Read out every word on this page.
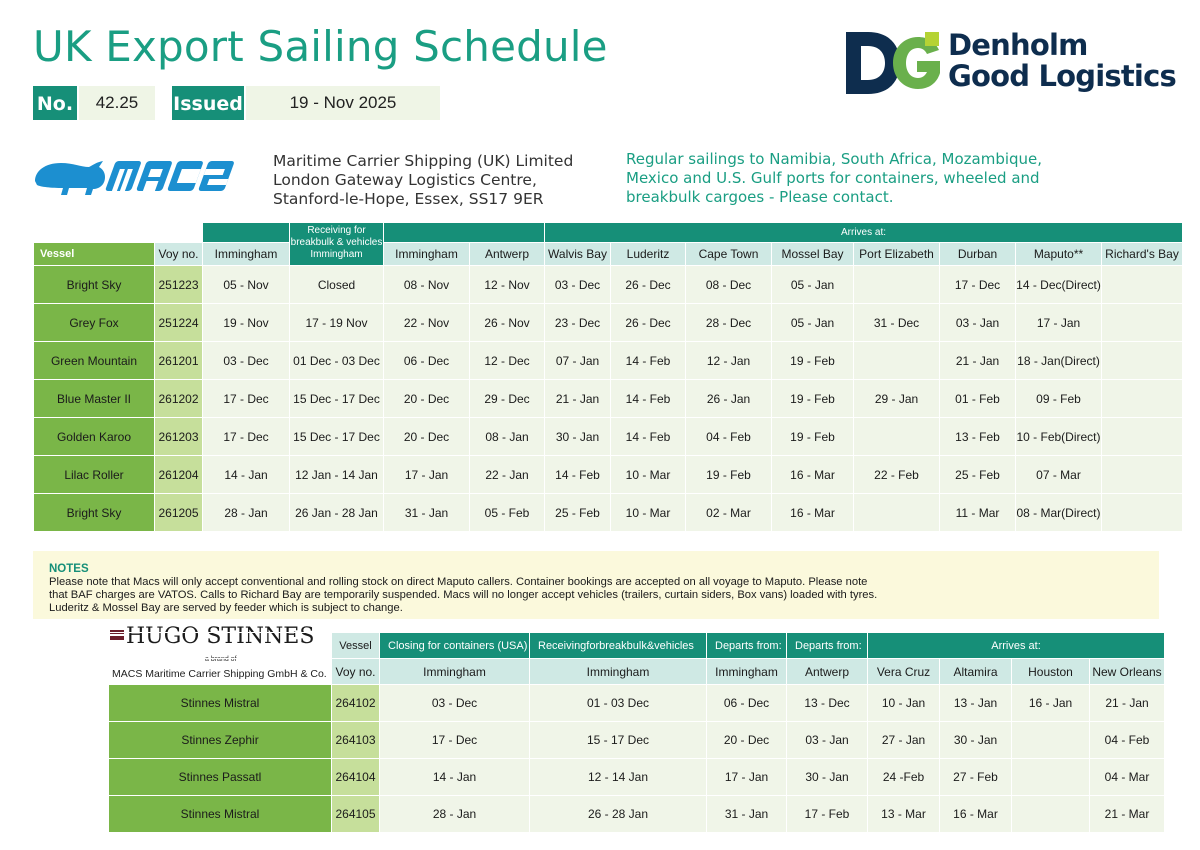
UK Export Sailing Schedule
No.	42.25	Issued	19 - Nov 2025
Denholm
Good Logistics
Maritime Carrier Shipping (UK) Limited
London Gateway Logistics Centre,
Stanford-le-Hope, Essex, SS17 9ER
Regular sailings to Namibia, South Africa, Mozambique, Mexico and U.S. Gulf ports for containers, wheeled and breakbulk cargoes - Please contact.
			Receiving for breakbulk & vehicles Immingham			Arrives at:							
Vessel	Voy no.	Immingham		Immingham	Antwerp	Walvis Bay	Luderitz	Cape Town	Mossel Bay	Port Elizabeth	Durban	Maputo**	Richard's Bay
Bright Sky	251223	05 - Nov	Closed	08 - Nov	12 - Nov	03 - Dec	26 - Dec	08 - Dec	05 - Jan		17 - Dec	14 - Dec(Direct)	
Grey Fox	251224	19 - Nov	17 - 19 Nov	22 - Nov	26 - Nov	23 - Dec	26 - Dec	28 - Dec	05 - Jan	31 - Dec	03 - Jan	17 - Jan	
Green Mountain	261201	03 - Dec	01 Dec - 03 Dec	06 - Dec	12 - Dec	07 - Jan	14 - Feb	12 - Jan	19 - Feb		21 - Jan	18 - Jan(Direct)	
Blue Master II	261202	17 - Dec	15 Dec - 17 Dec	20 - Dec	29 - Dec	21 - Jan	14 - Feb	26 - Jan	19 - Feb	29 - Jan	01 - Feb	09 - Feb	
Golden Karoo	261203	17 - Dec	15 Dec - 17 Dec	20 - Dec	08 - Jan	30 - Jan	14 - Feb	04 - Feb	19 - Feb		13 - Feb	10 - Feb(Direct)	
Lilac Roller	261204	14 - Jan	12 Jan - 14 Jan	17 - Jan	22 - Jan	14 - Feb	10 - Mar	19 - Feb	16 - Mar	22 - Feb	25 - Feb	07 - Mar	
Bright Sky	261205	28 - Jan	26 Jan - 28 Jan	31 - Jan	05 - Feb	25 - Feb	10 - Mar	02 - Mar	16 - Mar		11 - Mar	08 - Mar(Direct)	
NOTES
Please note that Macs will only accept conventional and rolling stock on direct Maputo callers. Container bookings are accepted on all voyage to Maputo. Please note
that BAF charges are VATOS. Calls to Richard Bay are temporarily suspended. Macs will no longer accept vehicles (trailers, curtain siders, Box vans) loaded with tyres.
Luderitz & Mossel Bay are served by feeder which is subject to change.
HUGO STINNES
a brand of
MACS Maritime Carrier Shipping GmbH & Co.
	Vessel	Closing for containers (USA)	Receivingforbreakbulk&vehicles	Departs from:	Departs from:	Arrives at:			
	Voy no.	Immingham	Immingham	Immingham	Antwerp	Vera Cruz	Altamira	Houston	New Orleans
Stinnes Mistral	264102	03 - Dec	01 - 03 Dec	06 - Dec	13 - Dec	10 - Jan	13 - Jan	16 - Jan	21 - Jan
Stinnes Zephir	264103	17 - Dec	15 - 17 Dec	20 - Dec	03 - Jan	27 - Jan	30 - Jan		04 - Feb
Stinnes Passatl	264104	14 - Jan	12 - 14 Jan	17 - Jan	30 - Jan	24 -Feb	27 - Feb		04 - Mar
Stinnes Mistral	264105	28 - Jan	26 - 28 Jan	31 - Jan	17 - Feb	13 - Mar	16 - Mar		21 - Mar
